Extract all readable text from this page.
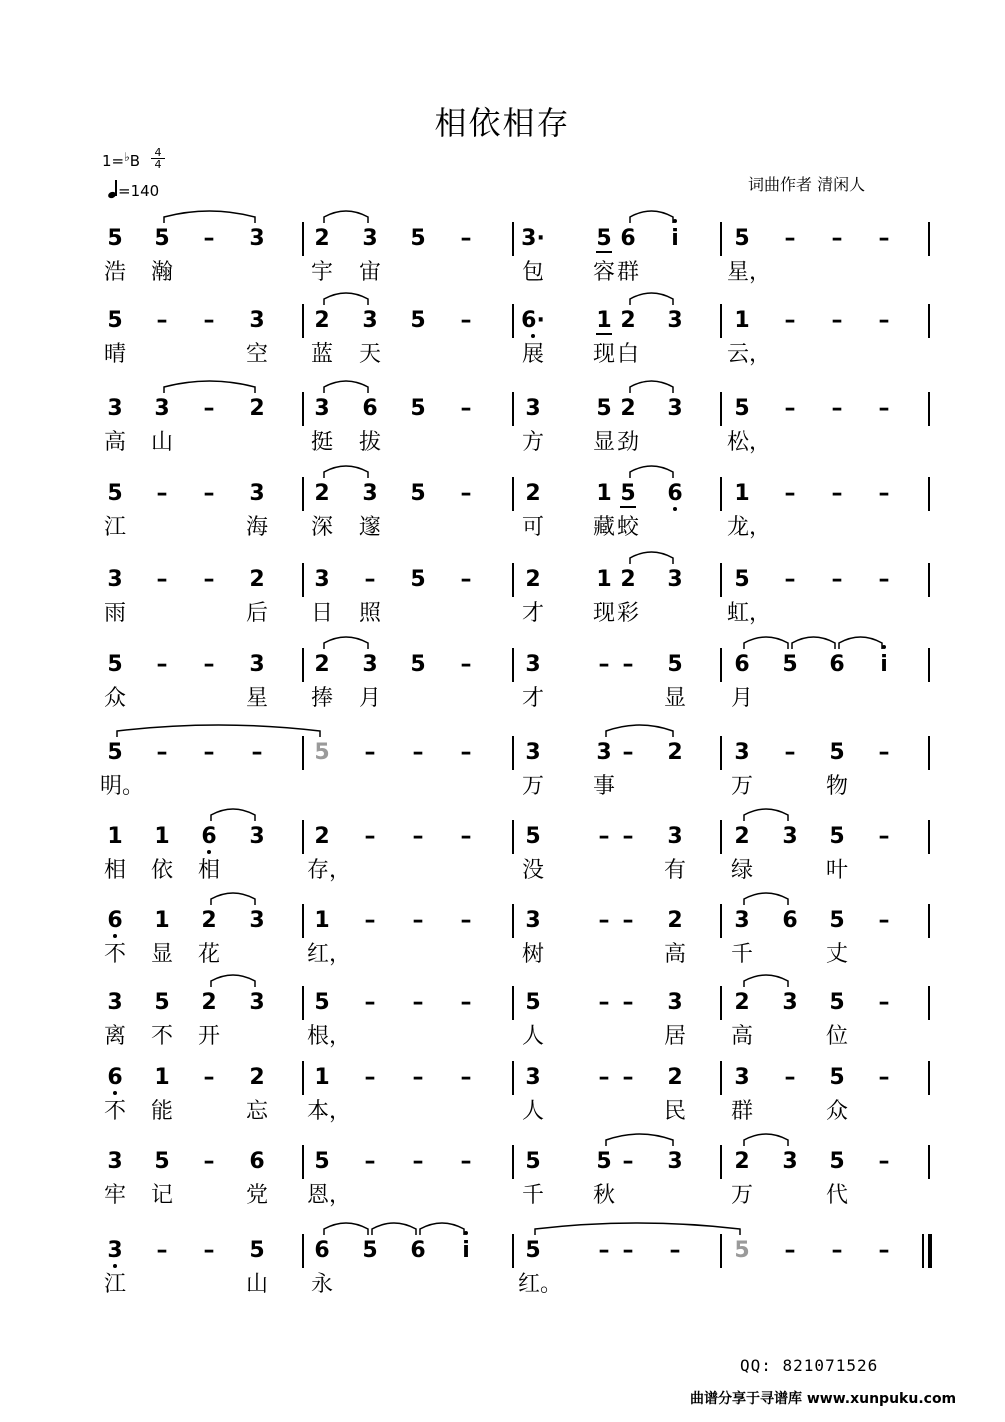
相依相存
1=♭B	4
4
=140	词曲作者 清闲人
5 5 – 3 2 3 5 – 3· 5 6	i	5 – – –
浩 瀚	宇 宙	包 容 群	星，
5 – – 3 2 3 5 – 6· 1 2 3 1 – – –
晴	空 蓝 天	展 现 白	云，
3 3 – 2 3 6 5 – 3	5 2 3 5 – – –
高 山	挺 拔	方 显 劲	松，
5 – – 3 2 3 5 – 2	1 5 6 1 – – –
江	海 深 邃	可 藏 蛟	龙，
3 – – 2 3 – 5 – 2	1 2 3 5 – – –
雨	后 日 照	才 现 彩	虹，
5 – – 3 2 3 5 – 3	– – 5 6 5 6	i
众	星 捧 月	才	显 月
5 – – – 5 – – – 3	3 – 2 3 – 5 –
明。	万 事	万	物
1 1 6 3 2 – – – 5	– – 3 2 3 5 –
相 依 相	存，	没	有 绿	叶
6 1 2 3 1 – – – 3	– – 2 3 6 5 –
不 显 花	红，	树	高 千	丈
3 5 2 3 5 – – – 5	– – 3 2 3 5 –
离 不 开	根，	人	居 高	位
6 1 – 2 1 – – – 3	– – 2 3 – 5 –
不 能	忘 本，	人	民 群	众
3 5 – 6 5 – – – 5	5 – 3 2 3 5 –
牢 记	党 恩，	千 秋	万	代
3 – – 5 6 5 6	i	5	– – – 5 – – –
江	山 永	红。
QQ: 821071526
曲谱分享于寻谱库 www.xunpuku.com
